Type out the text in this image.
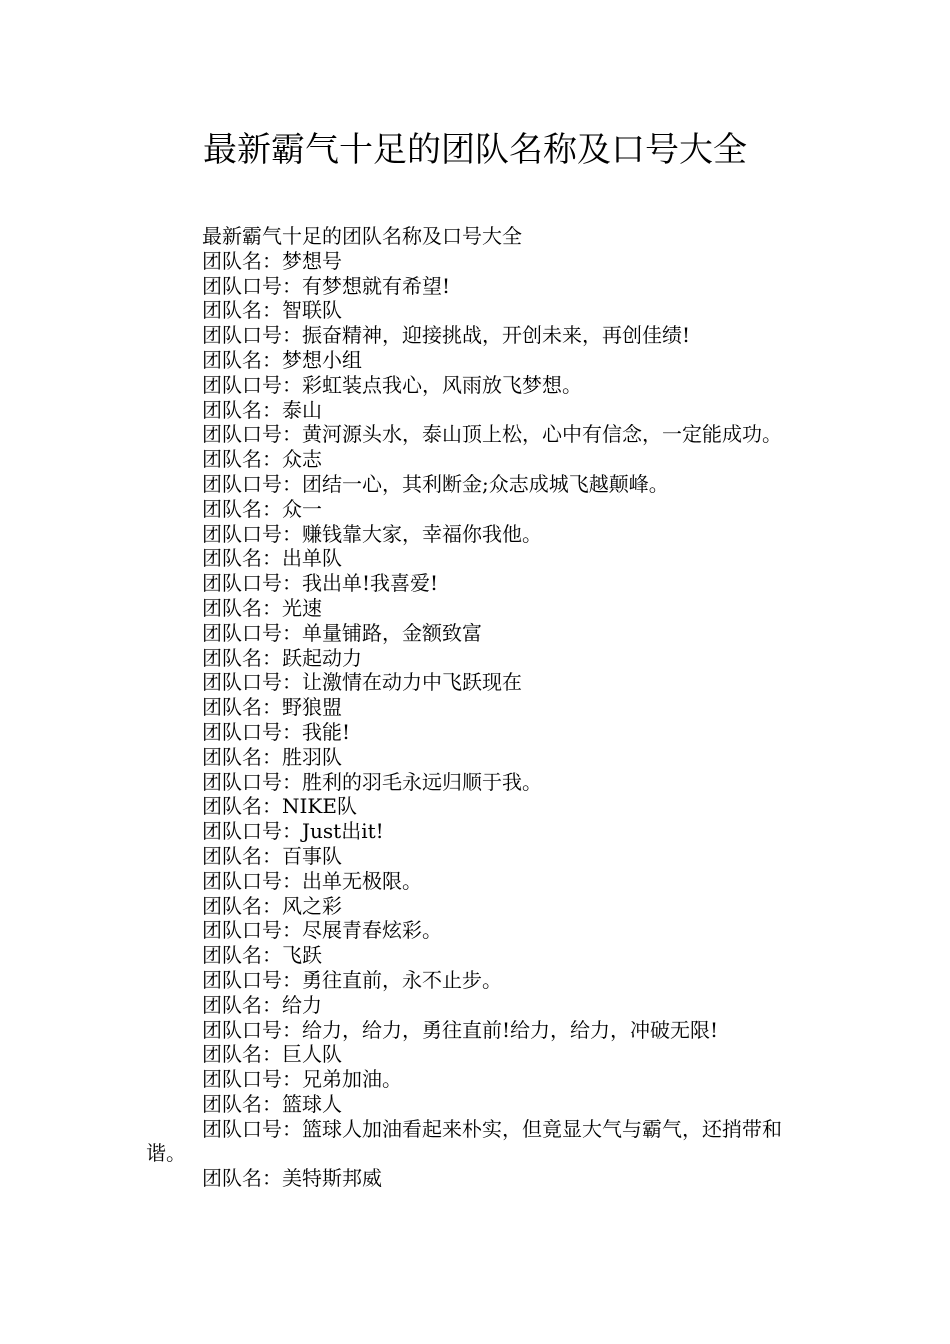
最新霸气十足的团队名称及口号大全

最新霸气十足的团队名称及口号大全

团队名：梦想号

团队口号：有梦想就有希望!

团队名：智联队

团队口号：振奋精神，迎接挑战，开创未来，再创佳绩!

团队名：梦想小组

团队口号：彩虹装点我心，风雨放飞梦想。

团队名：泰山

团队口号：黄河源头水，泰山顶上松，心中有信念，一定能成功。

团队名：众志

团队口号：团结一心，其利断金;众志成城飞越颠峰。

团队名：众一

团队口号：赚钱靠大家，幸福你我他。

团队名：出单队

团队口号：我出单!我喜爱!

团队名：光速

团队口号：单量铺路，金额致富

团队名：跃起动力

团队口号：让激情在动力中飞跃现在

团队名：野狼盟

团队口号：我能!

团队名：胜羽队

团队口号：胜利的羽毛永远归顺于我。

团队名：NIKE队

团队口号：Just出it!

团队名：百事队

团队口号：出单无极限。

团队名：风之彩

团队口号：尽展青春炫彩。

团队名：飞跃

团队口号：勇往直前，永不止步。

团队名：给力

团队口号：给力，给力，勇往直前!给力，给力，冲破无限!

团队名：巨人队

团队口号：兄弟加油。

团队名：篮球人

团队口号：篮球人加油看起来朴实，但竟显大气与霸气，还捎带和谐。

团队名：美特斯邦威
